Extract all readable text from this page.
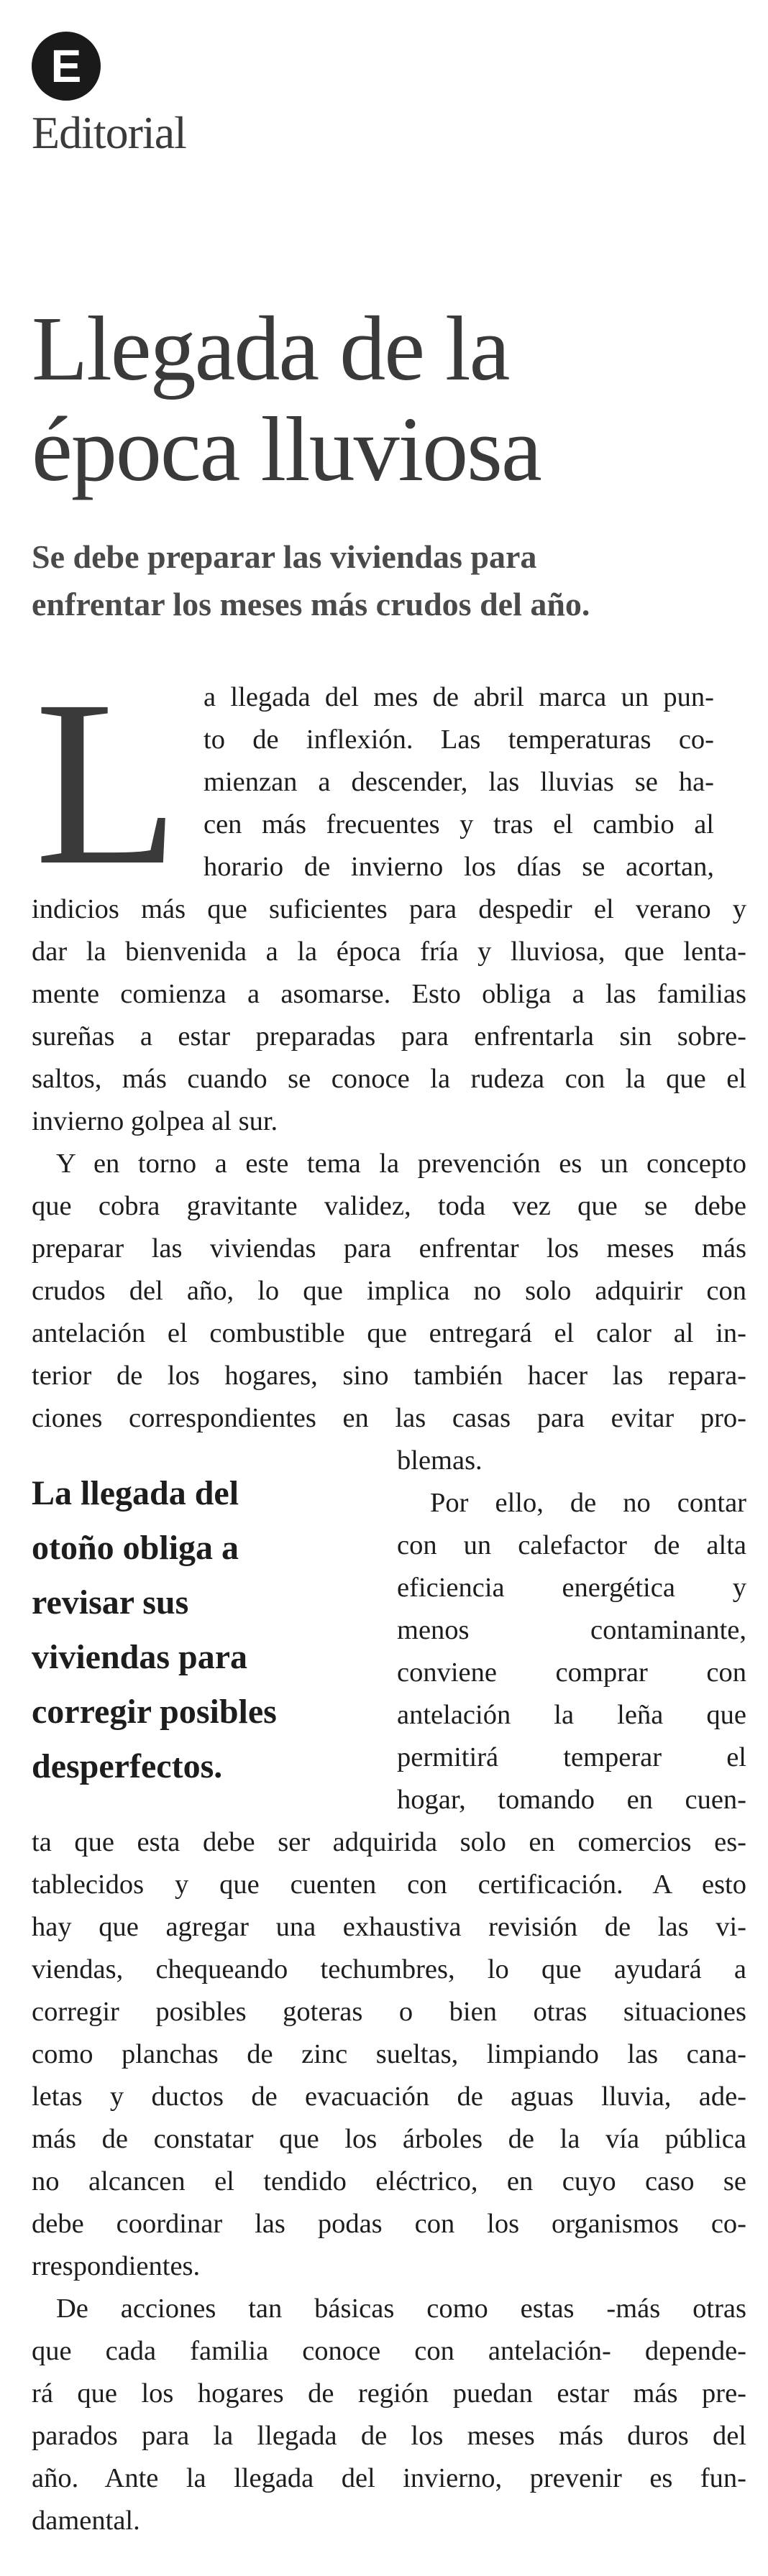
E
Editorial
Llegada de la
época lluviosa
Se debe preparar las viviendas para
enfrentar los meses más crudos del año.
L a llegada del mes de abril marca un pun-
to de inflexión. Las temperaturas co-
mienzan a descender, las lluvias se ha-
cen más frecuentes y tras el cambio al
horario de invierno los días se acortan,
indicios más que suficientes para despedir el verano y
dar la bienvenida a la época fría y lluviosa, que lenta-
mente comienza a asomarse. Esto obliga a las familias
sureñas a estar preparadas para enfrentarla sin sobre-
saltos, más cuando se conoce la rudeza con la que el
invierno golpea al sur.
Y en torno a este tema la prevención es un concepto
que cobra gravitante validez, toda vez que se debe
preparar las viviendas para enfrentar los meses más
crudos del año, lo que implica no solo adquirir con
antelación el combustible que entregará el calor al in-
terior de los hogares, sino también hacer las repara-
ciones correspondientes en las casas para evitar pro-
blemas.
La llegada del
otoño obliga a
revisar sus
viviendas para
corregir posibles
desperfectos.
Por ello, de no contar
con un calefactor de alta
eficiencia energética y
menos contaminante,
conviene comprar con
antelación la leña que
permitirá temperar el
hogar, tomando en cuen-
ta que esta debe ser adquirida solo en comercios es-
tablecidos y que cuenten con certificación. A esto
hay que agregar una exhaustiva revisión de las vi-
viendas, chequeando techumbres, lo que ayudará a
corregir posibles goteras o bien otras situaciones
como planchas de zinc sueltas, limpiando las cana-
letas y ductos de evacuación de aguas lluvia, ade-
más de constatar que los árboles de la vía pública
no alcancen el tendido eléctrico, en cuyo caso se
debe coordinar las podas con los organismos co-
rrespondientes.
De acciones tan básicas como estas -más otras
que cada familia conoce con antelación- depende-
rá que los hogares de región puedan estar más pre-
parados para la llegada de los meses más duros del
año. Ante la llegada del invierno, prevenir es fun-
damental.
